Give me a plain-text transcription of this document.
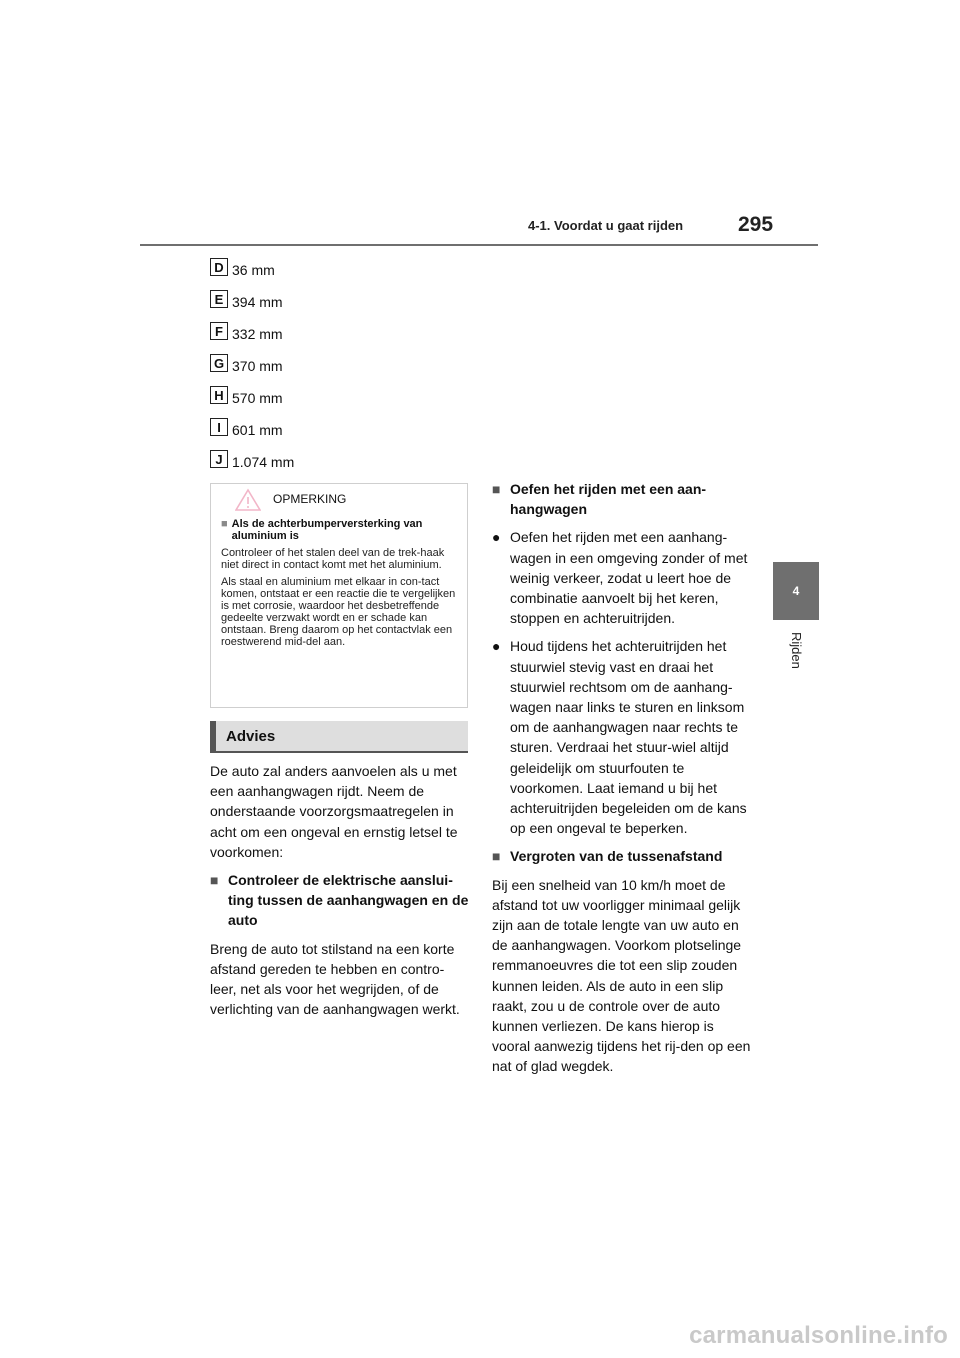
4-1. Voordat u gaat rijden	295
4
Rijden
D 36 mm
E 394 mm
F 332 mm
G 370 mm
H 570 mm
I 601 mm
J 1.074 mm
OPMERKING
■ Als de achterbumperversterking van aluminium is
Controleer of het stalen deel van de trek-haak niet direct in contact komt met het aluminium.
Als staal en aluminium met elkaar in con-tact komen, ontstaat er een reactie die te vergelijken is met corrosie, waardoor het desbetreffende gedeelte verzwakt wordt en er schade kan ontstaan. Breng daarom op het contactvlak een roestwerend mid-del aan.
Advies

De auto zal anders aanvoelen als u met een aanhangwagen rijdt. Neem de onderstaande voorzorgsmaatregelen in acht om een ongeval en ernstig letsel te voorkomen:

■ Controleer de elektrische aanslui-ting tussen de aanhangwagen en de auto

Breng de auto tot stilstand na een korte afstand gereden te hebben en contro-leer, net als voor het wegrijden, of de verlichting van de aanhangwagen werkt.

■ Oefen het rijden met een aan-hangwagen
● Oefen het rijden met een aanhang-wagen in een omgeving zonder of met weinig verkeer, zodat u leert hoe de combinatie aanvoelt bij het keren, stoppen en achteruitrijden.
● Houd tijdens het achteruitrijden het stuurwiel stevig vast en draai het stuurwiel rechtsom om de aanhang-wagen naar links te sturen en linksom om de aanhangwagen naar rechts te sturen. Verdraai het stuur-wiel altijd geleidelijk om stuurfouten te voorkomen. Laat iemand u bij het achteruitrijden begeleiden om de kans op een ongeval te beperken.
■ Vergroten van de tussenafstand

Bij een snelheid van 10 km/h moet de afstand tot uw voorligger minimaal gelijk zijn aan de totale lengte van uw auto en de aanhangwagen. Voorkom plotselinge remmanoeuvres die tot een slip zouden kunnen leiden. Als de auto in een slip raakt, zou u de controle over de auto kunnen verliezen. De kans hierop is vooral aanwezig tijdens het rij-den op een nat of glad wegdek.

carmanualsonline.info
